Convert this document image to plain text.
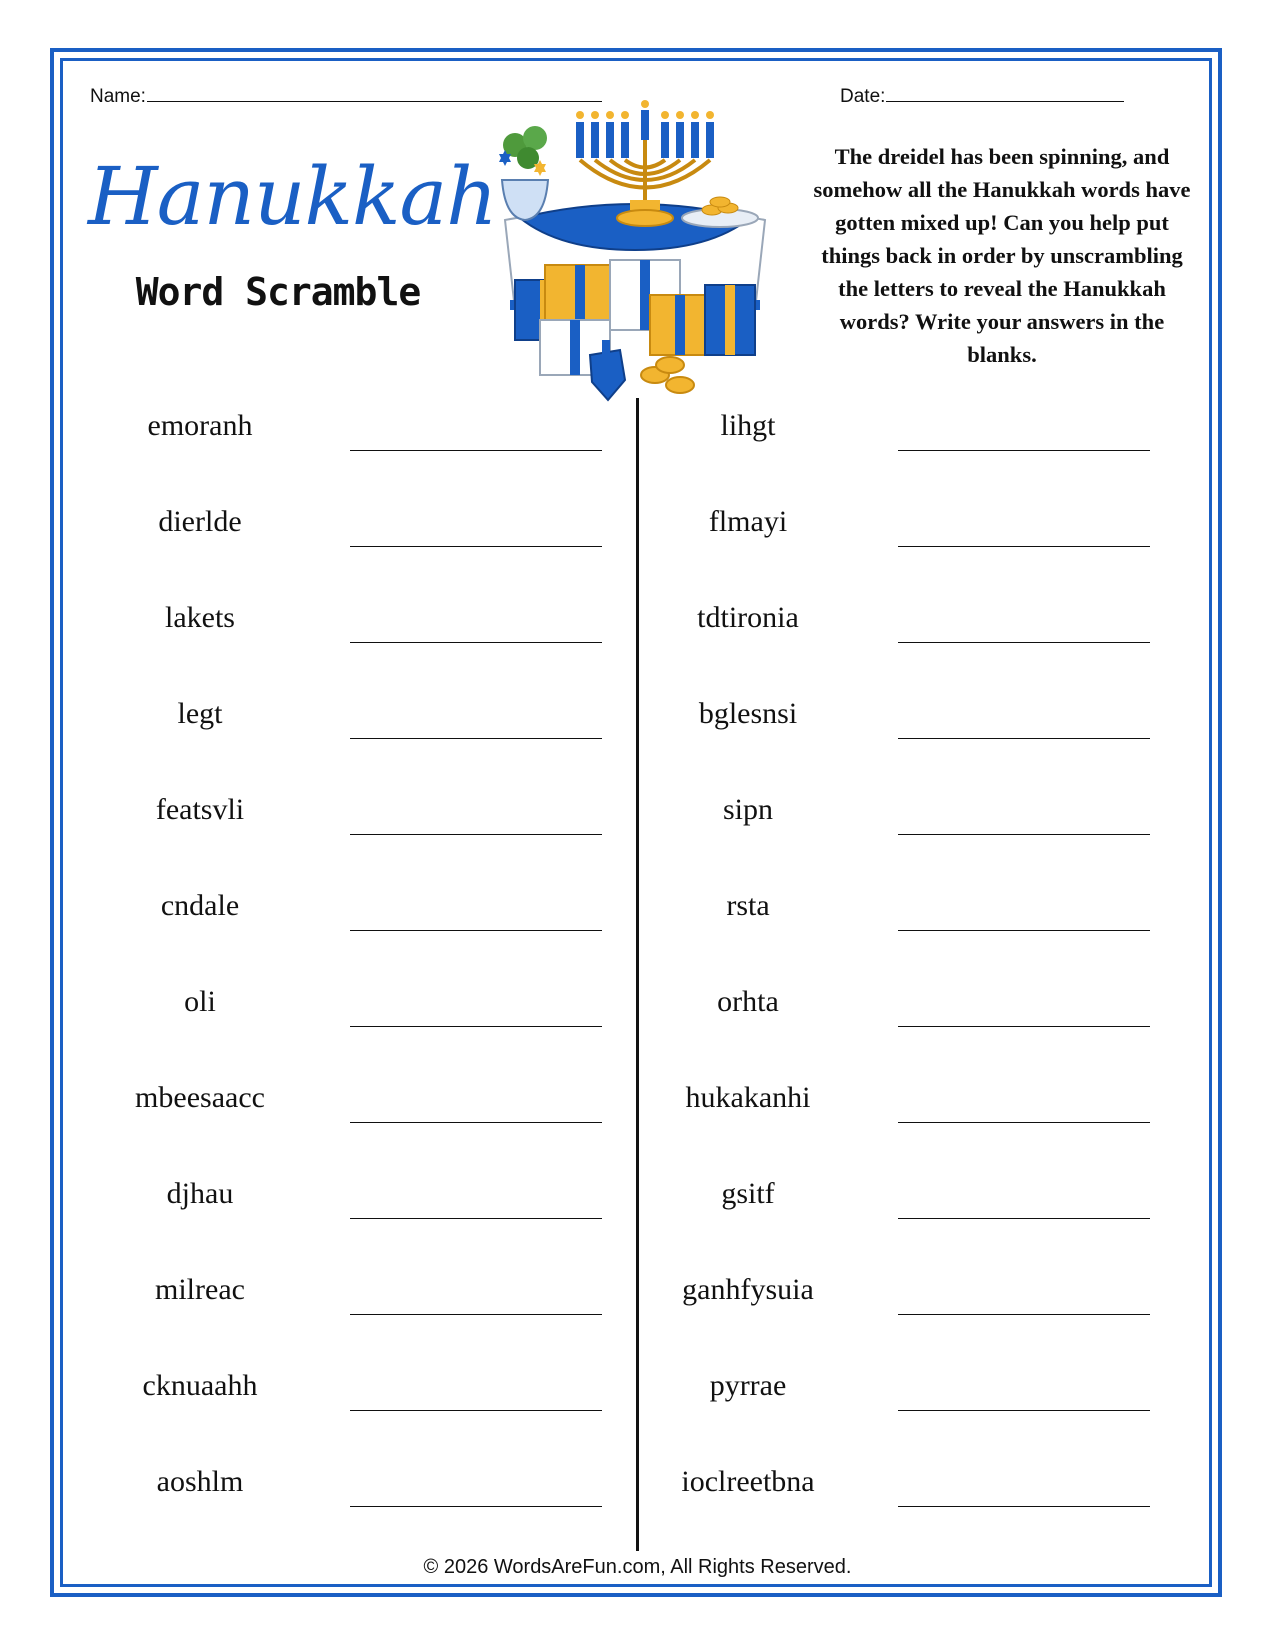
Name:	Date:
Hanukkah
Word Scramble
The dreidel has been spinning, and somehow all the Hanukkah words have gotten mixed up! Can you help put things back in order by unscrambling the letters to reveal the Hanukkah words? Write your answers in the blanks.
emoranh
dierlde
lakets
legt
featsvli
cndale
oli
mbeesaacc
djhau
milreac
cknuaahh
aoshlm
lihgt
flmayi
tdtironia
bglesnsi
sipn
rsta
orhta
hukakanhi
gsitf
ganhfysuia
pyrrae
ioclreetbna
© 2026 WordsAreFun.com, All Rights Reserved.
